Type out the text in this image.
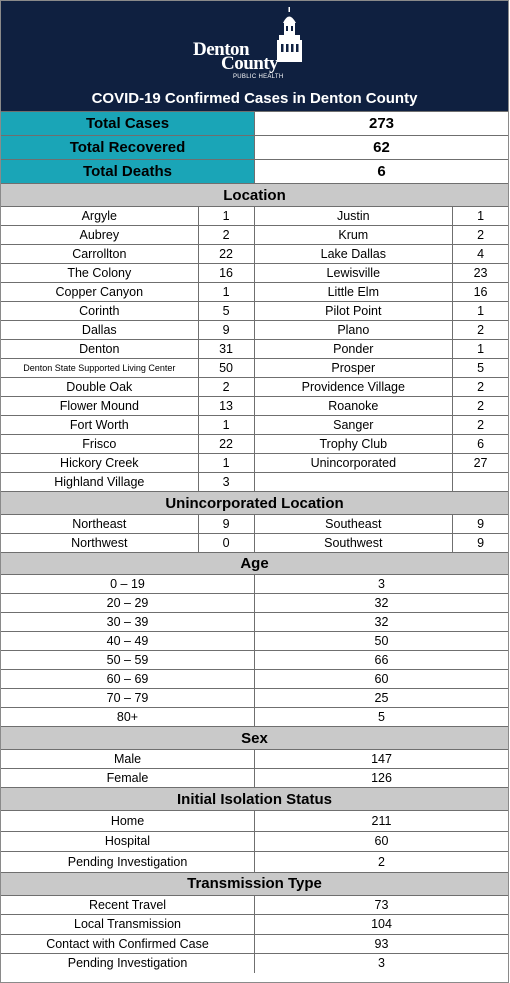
Denton
County
PUBLIC HEALTH
COVID-19 Confirmed Cases in Denton County
Total Cases	273
Total Recovered	62
Total Deaths	6
Location
Argyle	1	Justin	1
Aubrey	2	Krum	2
Carrollton	22	Lake Dallas	4
The Colony	16	Lewisville	23
Copper Canyon	1	Little Elm	16
Corinth	5	Pilot Point	1
Dallas	9	Plano	2
Denton	31	Ponder	1
Denton State Supported Living Center	50	Prosper	5
Double Oak	2	Providence Village	2
Flower Mound	13	Roanoke	2
Fort Worth	1	Sanger	2
Frisco	22	Trophy Club	6
Hickory Creek	1	Unincorporated	27
Highland Village	3
Unincorporated Location
Northeast	9	Southeast	9
Northwest	0	Southwest	9
Age
0 – 19	3
20 – 29	32
30 – 39	32
40 – 49	50
50 – 59	66
60 – 69	60
70 – 79	25
80+	5
Sex
Male	147
Female	126
Initial Isolation Status
Home	211
Hospital	60
Pending Investigation	2
Transmission Type
Recent Travel	73
Local Transmission	104
Contact with Confirmed Case	93
Pending Investigation	3
